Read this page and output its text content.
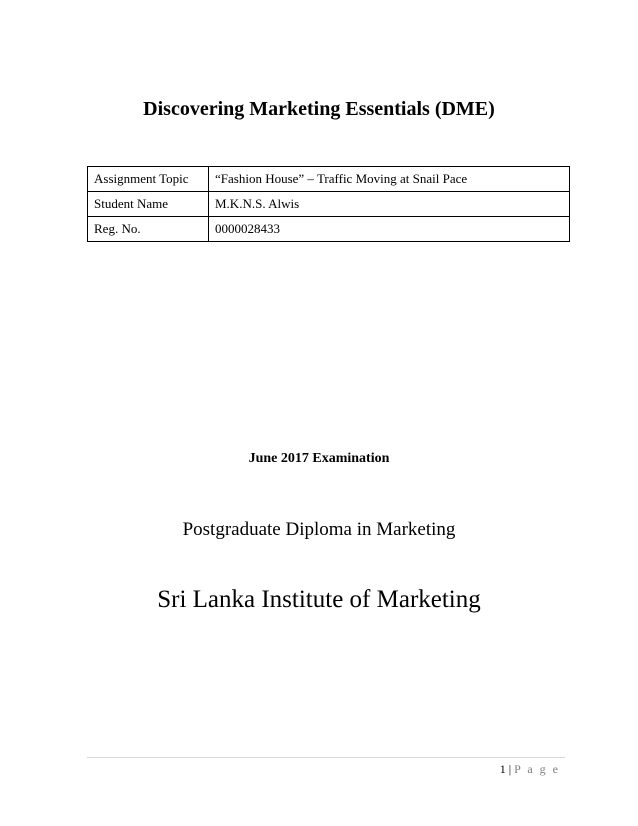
Discovering Marketing Essentials (DME)
Assignment Topic	“Fashion House” – Traffic Moving at Snail Pace
Student Name	M.K.N.S. Alwis
Reg. No.	0000028433
June 2017 Examination
Postgraduate Diploma in Marketing
Sri Lanka Institute of Marketing
1 | P a g e
